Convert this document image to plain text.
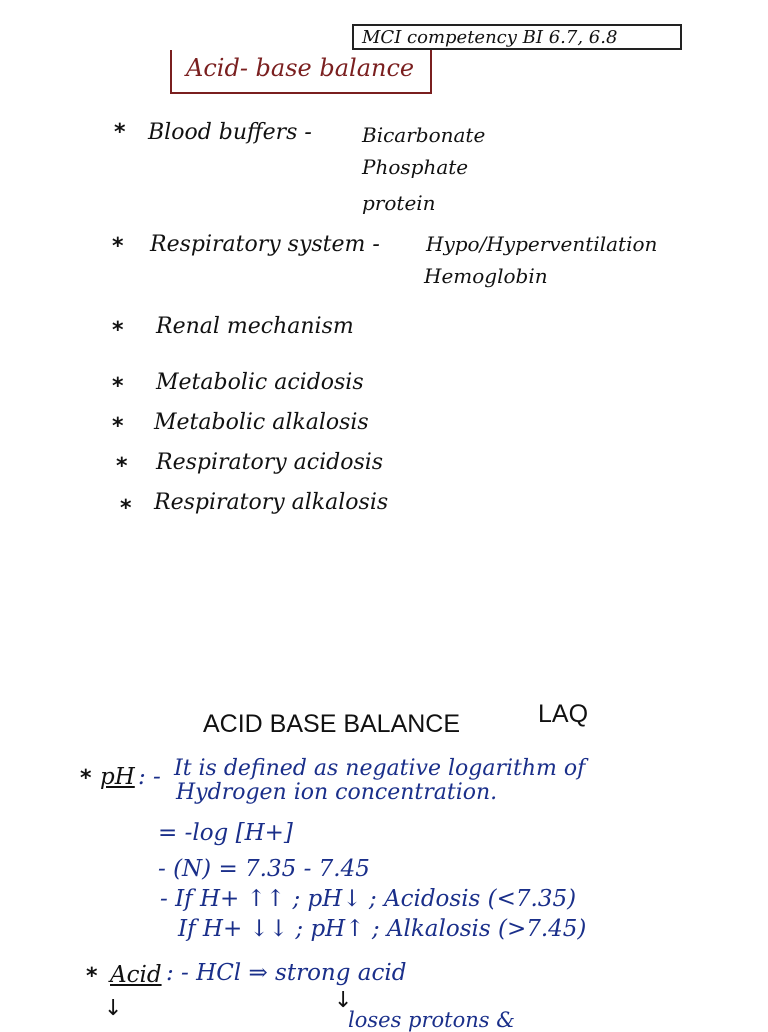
MCI competency BI 6.7, 6.8
Acid- base balance
* Blood buffers -	Bicarbonate
Phosphate
protein
* Respiratory system - Hypo/Hyperventilation
Hemoglobin
* Renal mechanism
* Metabolic acidosis
* Metabolic alkalosis
* Respiratory acidosis
* Respiratory alkalosis
ACID BASE BALANCE	LAQ
* pH : - It is defined as negative logarithm of
Hydrogen ion concentration.
= -log [H+]
- (N) = 7.35 - 7.45
- If H+ ↑↑ ; pH↓ ; Acidosis (<7.35)
If H+ ↓↓ ; pH↑ ; Alkalosis (>7.45)
* Acid : - HCl ⇒ strong acid
↓	↓
loses protons &
